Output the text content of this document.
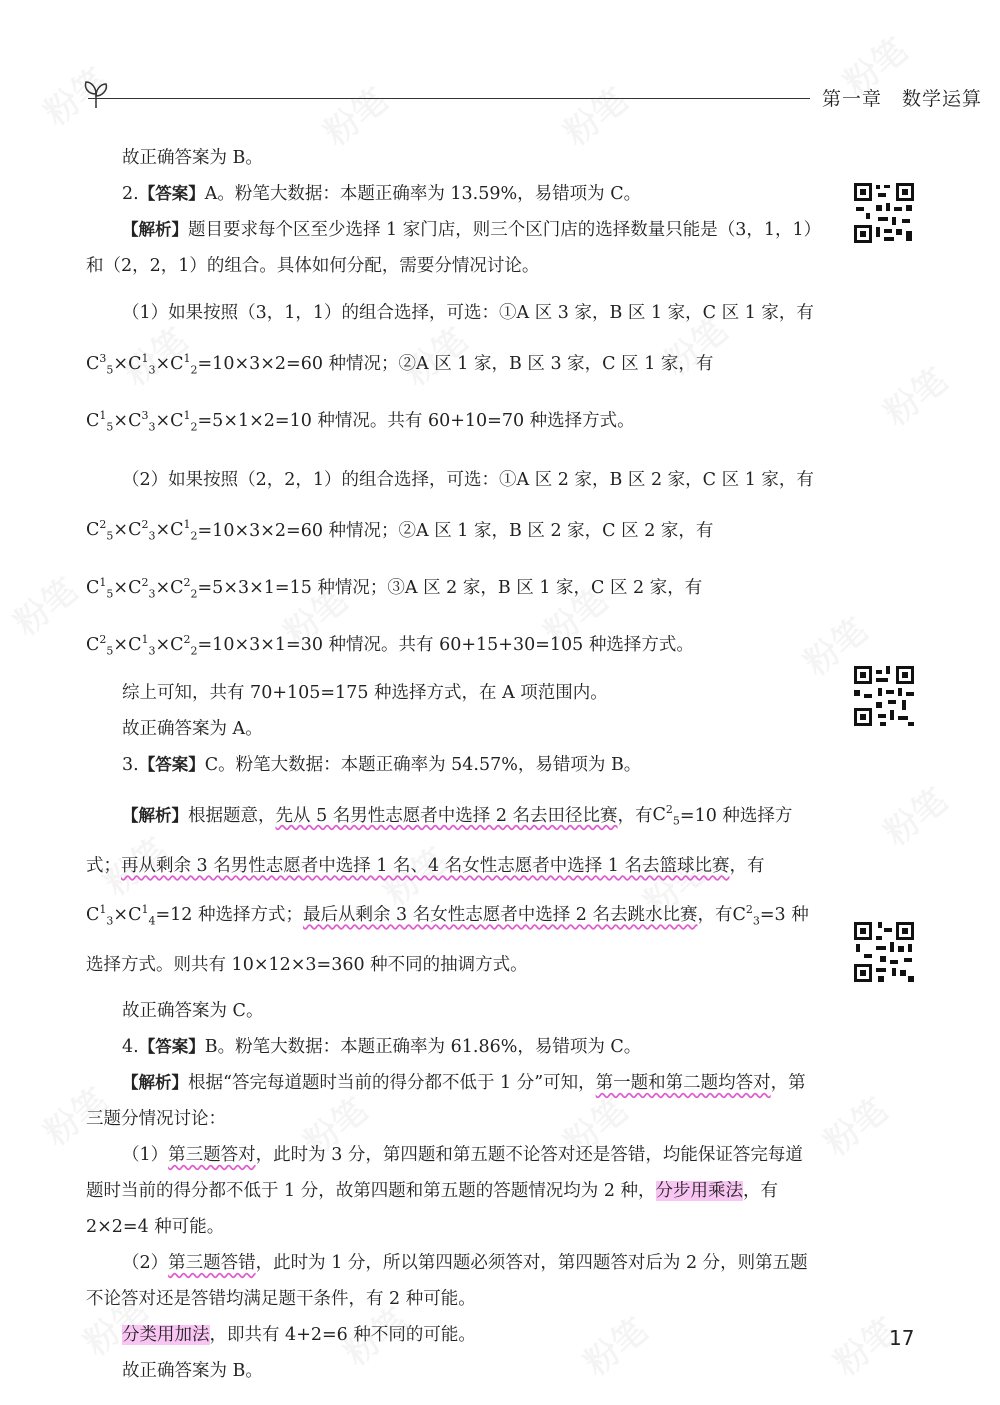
第一章　数学运算

故正确答案为 B。

2.【答案】A。粉笔大数据：本题正确率为 13.59%，易错项为 C。

【解析】题目要求每个区至少选择 1 家门店，则三个区门店的选择数量只能是（3，1，1）和（2，2，1）的组合。具体如何分配，需要分情况讨论。

（1）如果按照（3，1，1）的组合选择，可选：①A 区 3 家，B 区 1 家，C 区 1 家，有 $C^3_5\times C^1_3\times C^1_2=10\times 3\times 2=60$ 种情况；②A 区 1 家，B 区 3 家，C 区 1 家，有 $C^1_5\times C^3_3\times C^1_2=5\times 1\times 2=10$ 种情况。共有 60+10=70 种选择方式。

（2）如果按照（2，2，1）的组合选择，可选：①A 区 2 家，B 区 2 家，C 区 1 家，有$C^2_5\times C^2_3\times C^1_2=10\times 3\times 2=60$ 种情况；②A 区 1 家，B 区 2 家，C 区 2 家，有$C^1_5\times C^2_3\times C^2_2=5\times 3\times 1=15$ 种情况；③A 区 2 家，B 区 1 家，C 区 2 家，有 $C^2_5\times C^1_3\times C^2_2=10\times 3\times 1=30$ 种情况。共有 60+15+30=105 种选择方式。

综上可知，共有 70+105=175 种选择方式，在 A 项范围内。

故正确答案为 A。

3.【答案】C。粉笔大数据：本题正确率为 54.57%，易错项为 B。

【解析】根据题意，先从 5 名男性志愿者中选择 2 名去田径比赛，有$C^2_5=10$ 种选择方式；再从剩余 3 名男性志愿者中选择 1 名、4 名女性志愿者中选择 1 名去篮球比赛，有$C^1_3\times C^1_4=12$ 种选择方式；最后从剩余 3 名女性志愿者中选择 2 名去跳水比赛，有$C^2_3=3$ 种选择方式。则共有 10×12×3=360 种不同的抽调方式。

故正确答案为 C。

4.【答案】B。粉笔大数据：本题正确率为 61.86%，易错项为 C。

【解析】根据“答完每道题时当前的得分都不低于 1 分”可知，第一题和第二题均答对，第三题分情况讨论：

（1）第三题答对，此时为 3 分，第四题和第五题不论答对还是答错，均能保证答完每道题时当前的得分都不低于 1 分，故第四题和第五题的答题情况均为 2 种，分步用乘法，有 2×2=4 种可能。

（2）第三题答错，此时为 1 分，所以第四题必须答对，第四题答对后为 2 分，则第五题不论答对还是答错均满足题干条件，有 2 种可能。

分类用加法，即共有 4+2=6 种不同的可能。

故正确答案为 B。

17
